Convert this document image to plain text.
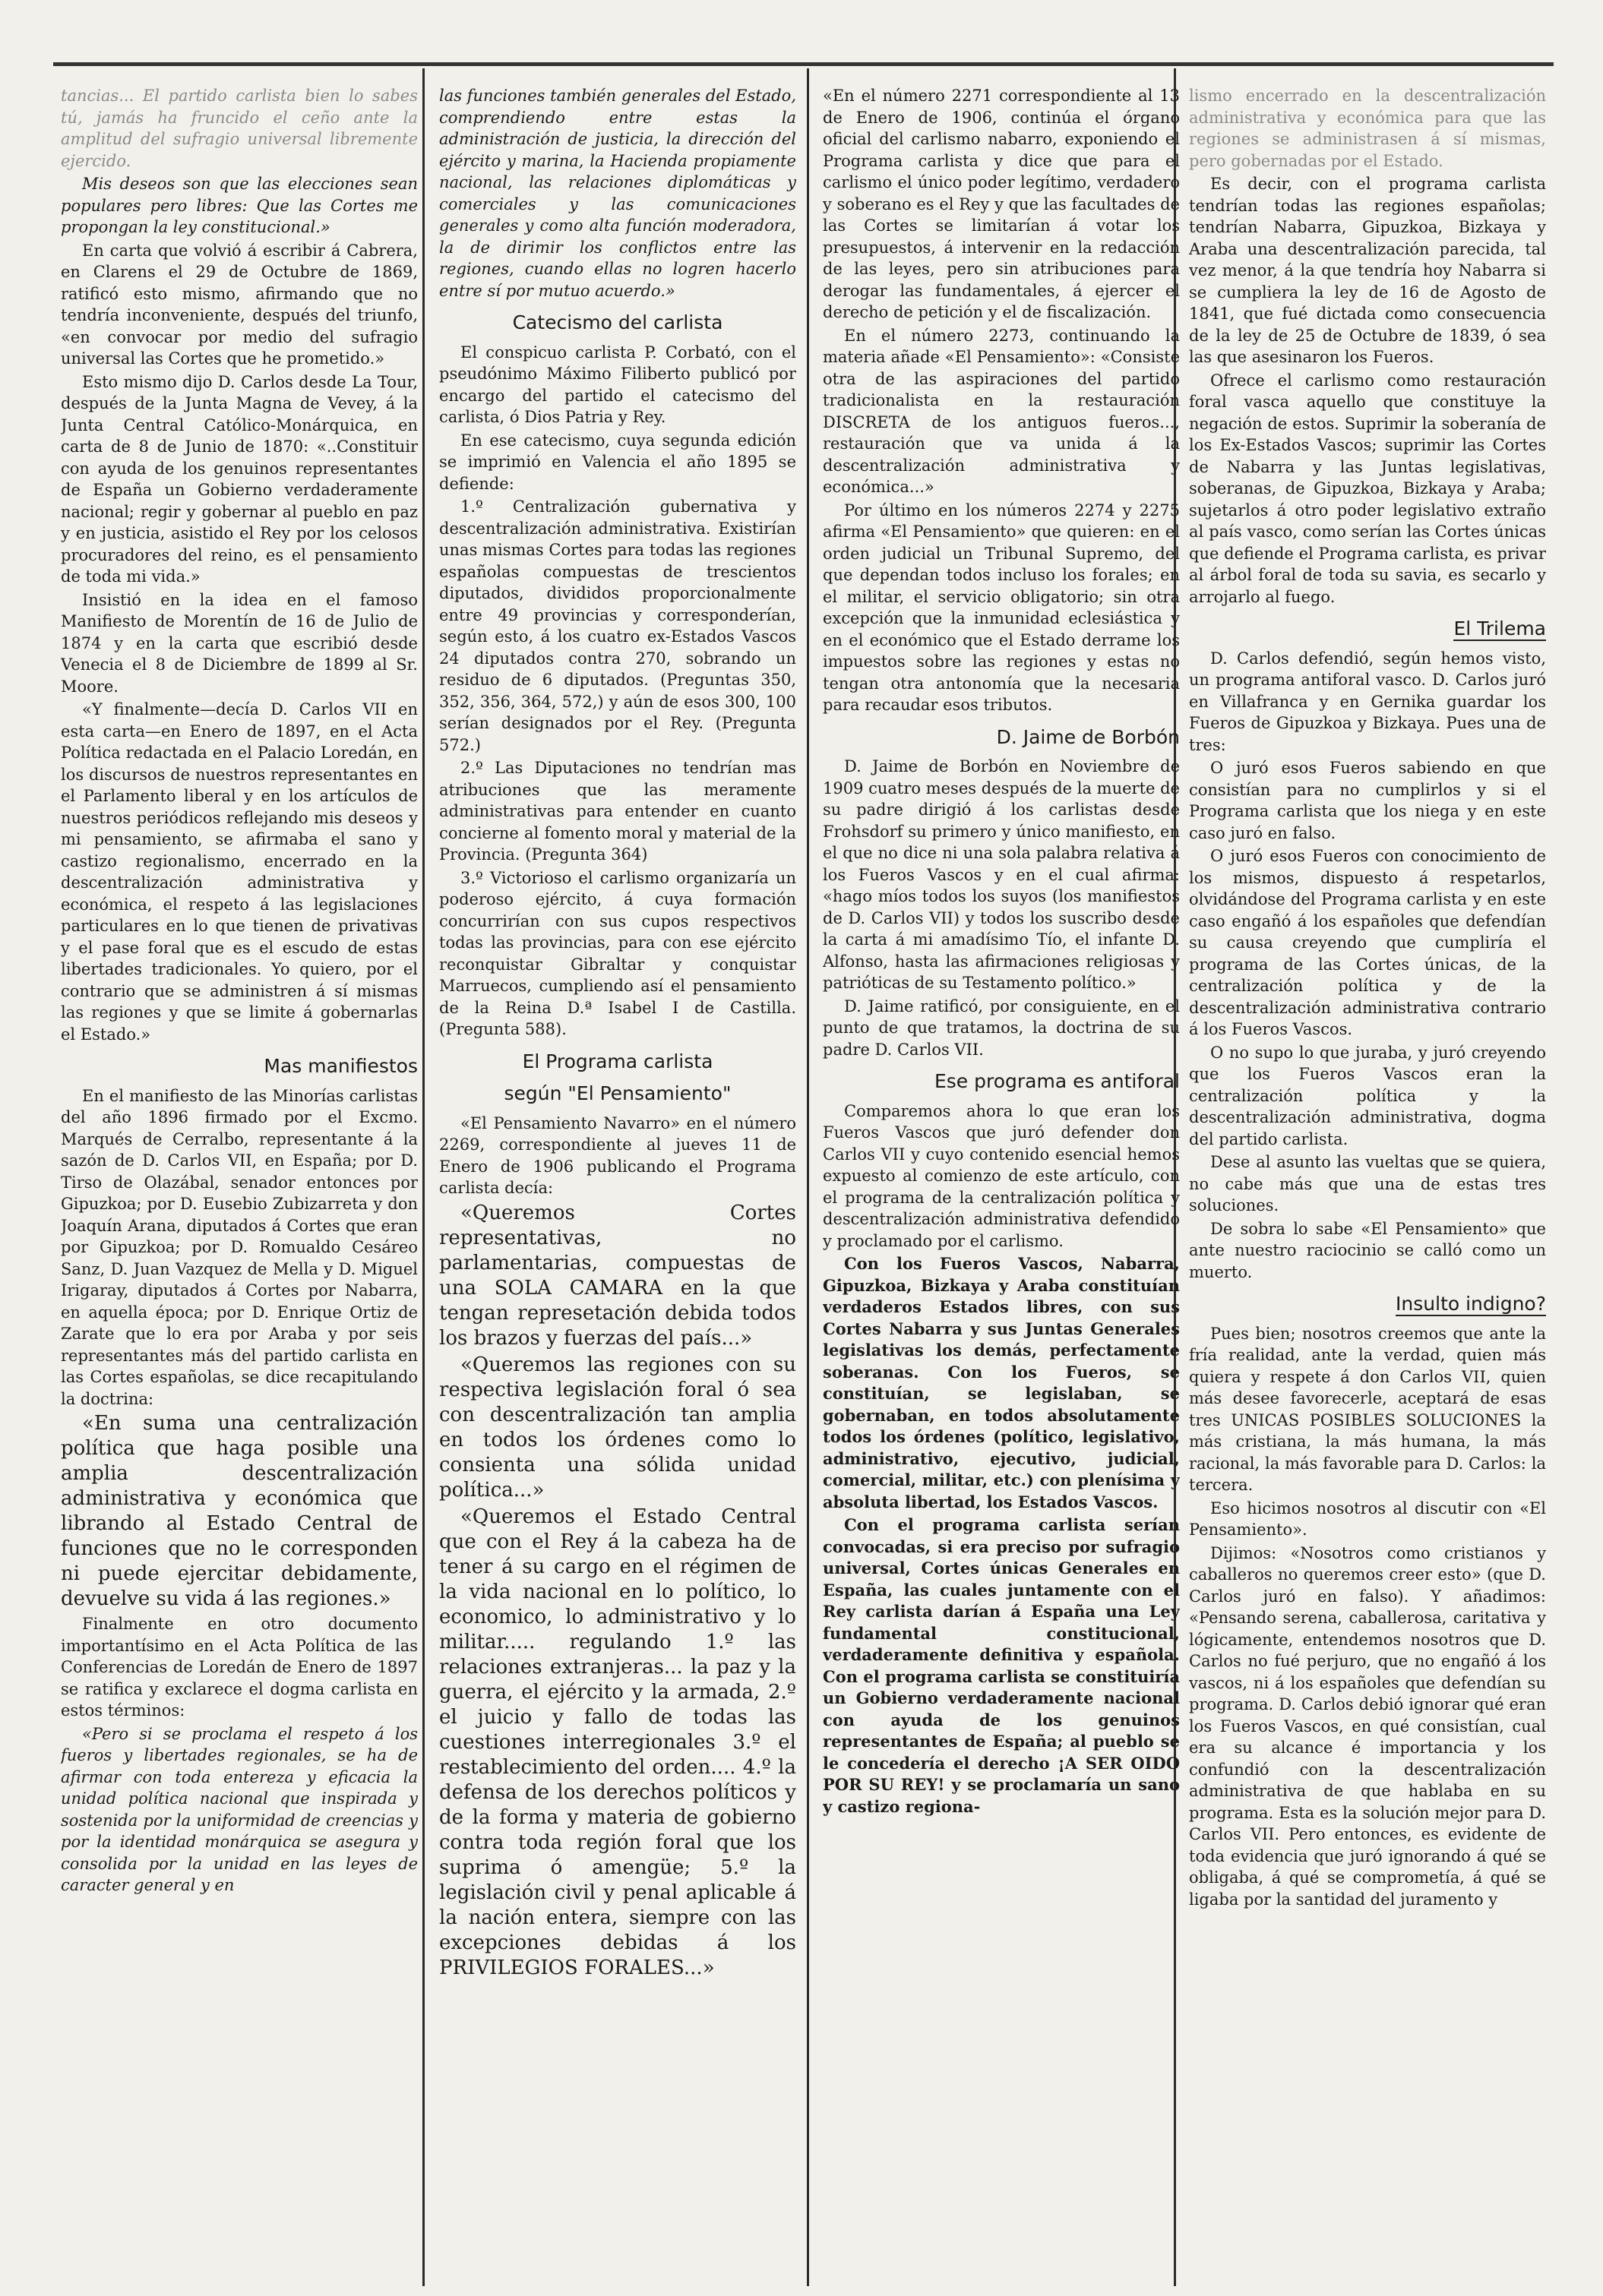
tancias... El partido carlista bien lo sabes tú, jamás ha fruncido el ceño ante la amplitud del sufragio universal libremente ejercido.

Mis deseos son que las elecciones sean populares pero libres: Que las Cortes me propongan la ley constitucional.»

En carta que volvió á escribir á Cabrera, en Clarens el 29 de Octubre de 1869, ratificó esto mismo, afirmando que no tendría inconveniente, después del triunfo, «en convocar por medio del sufragio universal las Cortes que he prometido.»

Esto mismo dijo D. Carlos desde La Tour, después de la Junta Magna de Vevey, á la Junta Central Católico-Monárquica, en carta de 8 de Junio de 1870: «..Constituir con ayuda de los genuinos representantes de España un Gobierno verdaderamente nacional; regir y gobernar al pueblo en paz y en justicia, asistido el Rey por los celosos procuradores del reino, es el pensamiento de toda mi vida.»

Insistió en la idea en el famoso Manifiesto de Morentín de 16 de Julio de 1874 y en la carta que escribió desde Venecia el 8 de Diciembre de 1899 al Sr. Moore.

«Y finalmente—decía D. Carlos VII en esta carta—en Enero de 1897, en el Acta Política redactada en el Palacio Loredán, en los discursos de nuestros representantes en el Parlamento liberal y en los artículos de nuestros periódicos reflejando mis deseos y mi pensamiento, se afirmaba el sano y castizo regionalismo, encerrado en la descentralización administrativa y económica, el respeto á las legislaciones particulares en lo que tienen de privativas y el pase foral que es el escudo de estas libertades tradicionales. Yo quiero, por el contrario que se administren á sí mismas las regiones y que se limite á gobernarlas el Estado.»

Mas manifiestos

En el manifiesto de las Minorías carlistas del año 1896 firmado por el Excmo. Marqués de Cerralbo, representante á la sazón de D. Carlos VII, en España; por D. Tirso de Olazábal, senador entonces por Gipuzkoa; por D. Eusebio Zubizarreta y don Joaquín Arana, diputados á Cortes que eran por Gipuzkoa; por D. Romualdo Cesáreo Sanz, D. Juan Vazquez de Mella y D. Miguel Irigaray, diputados á Cortes por Nabarra, en aquella época; por D. Enrique Ortiz de Zarate que lo era por Araba y por seis representantes más del partido carlista en las Cortes españolas, se dice recapitulando la doctrina:

«En suma una centralización política que haga posible una amplia descentralización administrativa y económica que librando al Estado Central de funciones que no le corresponden ni puede ejercitar debidamente, devuelve su vida á las regiones.»

Finalmente en otro documento importantísimo en el Acta Política de las Conferencias de Loredán de Enero de 1897 se ratifica y exclarece el dogma carlista en estos términos:

«Pero si se proclama el respeto á los fueros y libertades regionales, se ha de afirmar con toda entereza y eficacia la unidad política nacional que inspirada y sostenida por la uniformidad de creencias y por la identidad monárquica se asegura y consolida por la unidad en las leyes de caracter general y en

las funciones también generales del Estado, comprendiendo entre estas la administración de justicia, la dirección del ejército y marina, la Hacienda propiamente nacional, las relaciones diplomáticas y comerciales y las comunicaciones generales y como alta función moderadora, la de dirimir los conflictos entre las regiones, cuando ellas no logren hacerlo entre sí por mutuo acuerdo.»

Catecismo del carlista

El conspicuo carlista P. Corbató, con el pseudónimo Máximo Filiberto publicó por encargo del partido el catecismo del carlista, ó Dios Patria y Rey.

En ese catecismo, cuya segunda edición se imprimió en Valencia el año 1895 se defiende:

1.º Centralización gubernativa y descentralización administrativa. Existirían unas mismas Cortes para todas las regiones españolas compuestas de trescientos diputados, divididos proporcionalmente entre 49 provincias y corresponderían, según esto, á los cuatro ex-Estados Vascos 24 diputados contra 270, sobrando un residuo de 6 diputados. (Preguntas 350, 352, 356, 364, 572,) y aún de esos 300, 100 serían designados por el Rey. (Pregunta 572.)

2.º Las Diputaciones no tendrían mas atribuciones que las meramente administrativas para entender en cuanto concierne al fomento moral y material de la Provincia. (Pregunta 364)

3.º Victorioso el carlismo organizaría un poderoso ejército, á cuya formación concurrirían con sus cupos respectivos todas las provincias, para con ese ejército reconquistar Gibraltar y conquistar Marruecos, cumpliendo así el pensamiento de la Reina D.ª Isabel I de Castilla. (Pregunta 588).

El Programa carlista
según "El Pensamiento"

«El Pensamiento Navarro» en el número 2269, correspondiente al jueves 11 de Enero de 1906 publicando el Programa carlista decía:

«Queremos Cortes representativas, no parlamentarias, compuestas de una SOLA CAMARA en la que tengan represetación debida todos los brazos y fuerzas del país...»

«Queremos las regiones con su respectiva legislación foral ó sea con descentralización tan amplia en todos los órdenes como lo consienta una sólida unidad política...»

«Queremos el Estado Central que con el Rey á la cabeza ha de tener á su cargo en el régimen de la vida nacional en lo político, lo economico, lo administrativo y lo militar..... regulando 1.º las relaciones extranjeras... la paz y la guerra, el ejército y la armada, 2.º el juicio y fallo de todas las cuestiones interregionales 3.º el restablecimiento del orden.... 4.º la defensa de los derechos políticos y de la forma y materia de gobierno contra toda región foral que los suprima ó amengüe; 5.º la legislación civil y penal aplicable á la nación entera, siempre con las excepciones debidas á los PRIVILEGIOS FORALES...»

«En el número 2271 correspondiente al 13 de Enero de 1906, continúa el órgano oficial del carlismo nabarro, exponiendo el Programa carlista y dice que para el carlismo el único poder legítimo, verdadero y soberano es el Rey y que las facultades de las Cortes se limitarían á votar los presupuestos, á intervenir en la redacción de las leyes, pero sin atribuciones para derogar las fundamentales, á ejercer el derecho de petición y el de fiscalización.

En el número 2273, continuando la materia añade «El Pensamiento»: «Consiste otra de las aspiraciones del partido tradicionalista en la restauración DISCRETA de los antiguos fueros..., restauración que va unida á la descentralización administrativa y económica...»

Por último en los números 2274 y 2275 afirma «El Pensamiento» que quieren: en el orden judicial un Tribunal Supremo, del que dependan todos incluso los forales; en el militar, el servicio obligatorio; sin otra excepción que la inmunidad eclesiástica y en el económico que el Estado derrame los impuestos sobre las regiones y estas no tengan otra antonomía que la necesaria para recaudar esos tributos.

D. Jaime de Borbón

D. Jaime de Borbón en Noviembre de 1909 cuatro meses después de la muerte de su padre dirigió á los carlistas desde Frohsdorf su primero y único manifiesto, en el que no dice ni una sola palabra relativa á los Fueros Vascos y en el cual afirma: «hago míos todos los suyos (los manifiestos de D. Carlos VII) y todos los suscribo desde la carta á mi amadísimo Tío, el infante D. Alfonso, hasta las afirmaciones religiosas y patrióticas de su Testamento político.»

D. Jaime ratificó, por consiguiente, en el punto de que tratamos, la doctrina de su padre D. Carlos VII.

Ese programa es antiforal

Comparemos ahora lo que eran los Fueros Vascos que juró defender don Carlos VII y cuyo contenido esencial hemos expuesto al comienzo de este artículo, con el programa de la centralización política y descentralización administrativa defendido y proclamado por el carlismo.

Con los Fueros Vascos, Nabarra, Gipuzkoa, Bizkaya y Araba constituían verdaderos Estados libres, con sus Cortes Nabarra y sus Juntas Generales legislativas los demás, perfectamente soberanas. Con los Fueros, se constituían, se legislaban, se gobernaban, en todos absolutamente todos los órdenes (político, legislativo, administrativo, ejecutivo, judicial, comercial, militar, etc.) con plenísima y absoluta libertad, los Estados Vascos.

Con el programa carlista serían convocadas, si era preciso por sufragio universal, Cortes únicas Generales en España, las cuales juntamente con el Rey carlista darían á España una Ley fundamental constitucional, verdaderamente definitiva y española. Con el programa carlista se constituiría un Gobierno verdaderamente nacional con ayuda de los genuinos representantes de España; al pueblo se le concedería el derecho ¡A SER OIDO POR SU REY! y se proclamaría un sano y castizo regiona-

lismo encerrado en la descentralización administrativa y económica para que las regiones se administrasen á sí mismas, pero gobernadas por el Estado.

Es decir, con el programa carlista tendrían todas las regiones españolas; tendrían Nabarra, Gipuzkoa, Bizkaya y Araba una descentralización parecida, tal vez menor, á la que tendría hoy Nabarra si se cumpliera la ley de 16 de Agosto de 1841, que fué dictada como consecuencia de la ley de 25 de Octubre de 1839, ó sea las que asesinaron los Fueros.

Ofrece el carlismo como restauración foral vasca aquello que constituye la negación de estos. Suprimir la soberanía de los Ex-Estados Vascos; suprimir las Cortes de Nabarra y las Juntas legislativas, soberanas, de Gipuzkoa, Bizkaya y Araba; sujetarlos á otro poder legislativo extraño al país vasco, como serían las Cortes únicas que defiende el Programa carlista, es privar al árbol foral de toda su savia, es secarlo y arrojarlo al fuego.

El Trilema

D. Carlos defendió, según hemos visto, un programa antiforal vasco. D. Carlos juró en Villafranca y en Gernika guardar los Fueros de Gipuzkoa y Bizkaya. Pues una de tres:

O juró esos Fueros sabiendo en que consistían para no cumplirlos y si el Programa carlista que los niega y en este caso juró en falso.

O juró esos Fueros con conocimiento de los mismos, dispuesto á respetarlos, olvidándose del Programa carlista y en este caso engañó á los españoles que defendían su causa creyendo que cumpliría el programa de las Cortes únicas, de la centralización política y de la descentralización administrativa contrario á los Fueros Vascos.

O no supo lo que juraba, y juró creyendo que los Fueros Vascos eran la centralización política y la descentralización administrativa, dogma del partido carlista.

Dese al asunto las vueltas que se quiera, no cabe más que una de estas tres soluciones.

De sobra lo sabe «El Pensamiento» que ante nuestro raciocinio se calló como un muerto.

Insulto indigno?

Pues bien; nosotros creemos que ante la fría realidad, ante la verdad, quien más quiera y respete á don Carlos VII, quien más desee favorecerle, aceptará de esas tres UNICAS POSIBLES SOLUCIONES la más cristiana, la más humana, la más racional, la más favorable para D. Carlos: la tercera.

Eso hicimos nosotros al discutir con «El Pensamiento».

Dijimos: «Nosotros como cristianos y caballeros no queremos creer esto» (que D. Carlos juró en falso). Y añadimos: «Pensando serena, caballerosa, caritativa y lógicamente, entendemos nosotros que D. Carlos no fué perjuro, que no engañó á los vascos, ni á los españoles que defendían su programa. D. Carlos debió ignorar qué eran los Fueros Vascos, en qué consistían, cual era su alcance é importancia y los confundió con la descentralización administrativa de que hablaba en su programa. Esta es la solución mejor para D. Carlos VII. Pero entonces, es evidente de toda evidencia que juró ignorando á qué se obligaba, á qué se comprometía, á qué se ligaba por la santidad del juramento y
